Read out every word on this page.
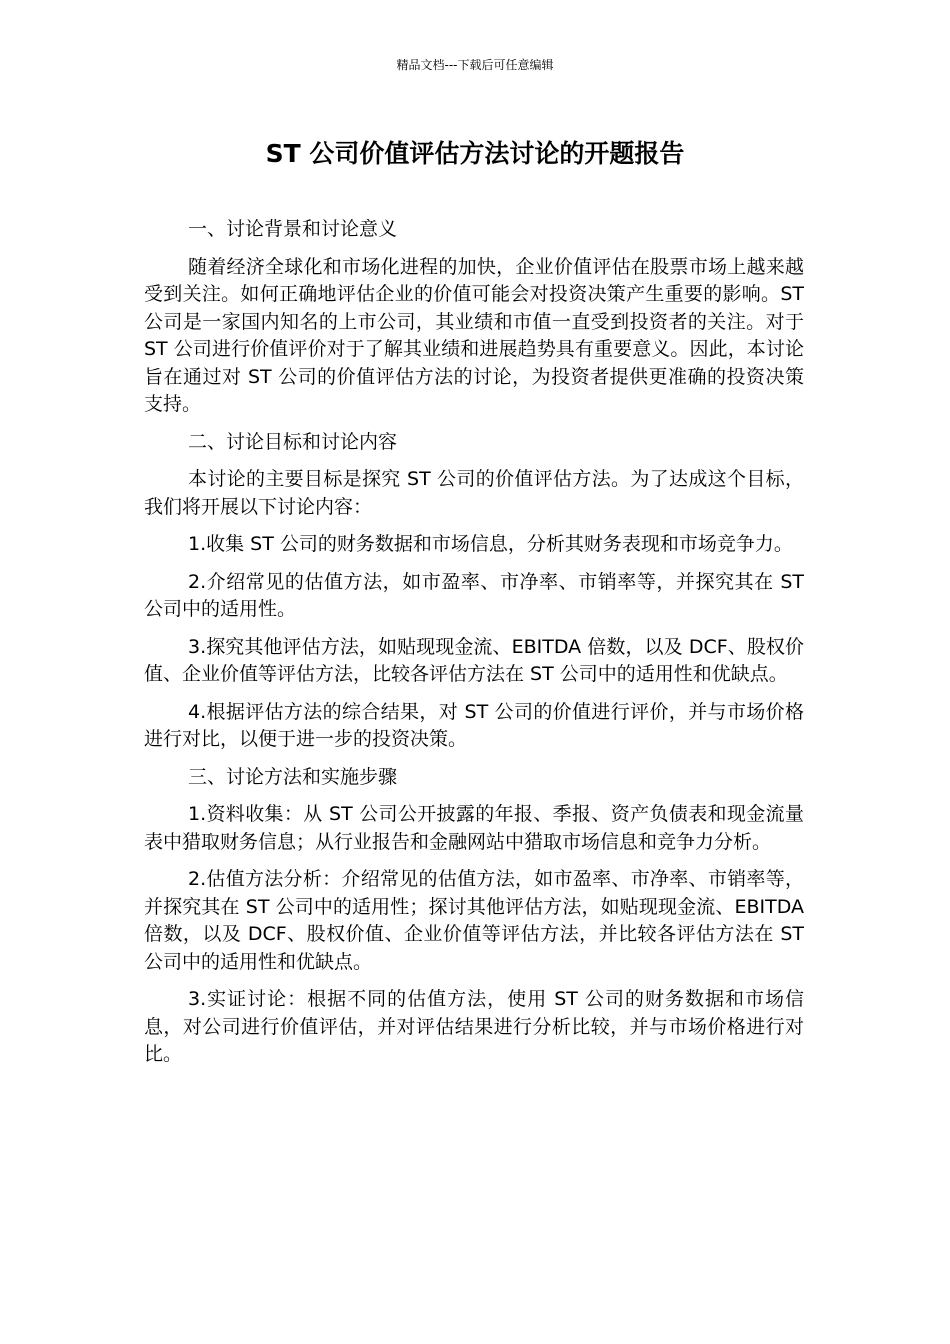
精品文档---下载后可任意编辑
ST 公司价值评估方法讨论的开题报告

一、讨论背景和讨论意义

随着经济全球化和市场化进程的加快，企业价值评估在股票市场上越来越受到关注。如何正确地评估企业的价值可能会对投资决策产生重要的影响。ST 公司是一家国内知名的上市公司，其业绩和市值一直受到投资者的关注。对于 ST 公司进行价值评价对于了解其业绩和进展趋势具有重要意义。因此，本讨论旨在通过对 ST 公司的价值评估方法的讨论，为投资者提供更准确的投资决策支持。

二、讨论目标和讨论内容

本讨论的主要目标是探究 ST 公司的价值评估方法。为了达成这个目标，我们将开展以下讨论内容：

1.收集 ST 公司的财务数据和市场信息，分析其财务表现和市场竞争力。

2.介绍常见的估值方法，如市盈率、市净率、市销率等，并探究其在 ST 公司中的适用性。

3.探究其他评估方法，如贴现现金流、EBITDA 倍数，以及 DCF、股权价值、企业价值等评估方法，比较各评估方法在 ST 公司中的适用性和优缺点。

4.根据评估方法的综合结果，对 ST 公司的价值进行评价，并与市场价格进行对比，以便于进一步的投资决策。

三、讨论方法和实施步骤

1.资料收集：从 ST 公司公开披露的年报、季报、资产负债表和现金流量表中猎取财务信息；从行业报告和金融网站中猎取市场信息和竞争力分析。

2.估值方法分析：介绍常见的估值方法，如市盈率、市净率、市销率等，并探究其在 ST 公司中的适用性；探讨其他评估方法，如贴现现金流、EBITDA 倍数，以及 DCF、股权价值、企业价值等评估方法，并比较各评估方法在 ST 公司中的适用性和优缺点。

3.实证讨论：根据不同的估值方法，使用 ST 公司的财务数据和市场信息，对公司进行价值评估，并对评估结果进行分析比较，并与市场价格进行对比。
